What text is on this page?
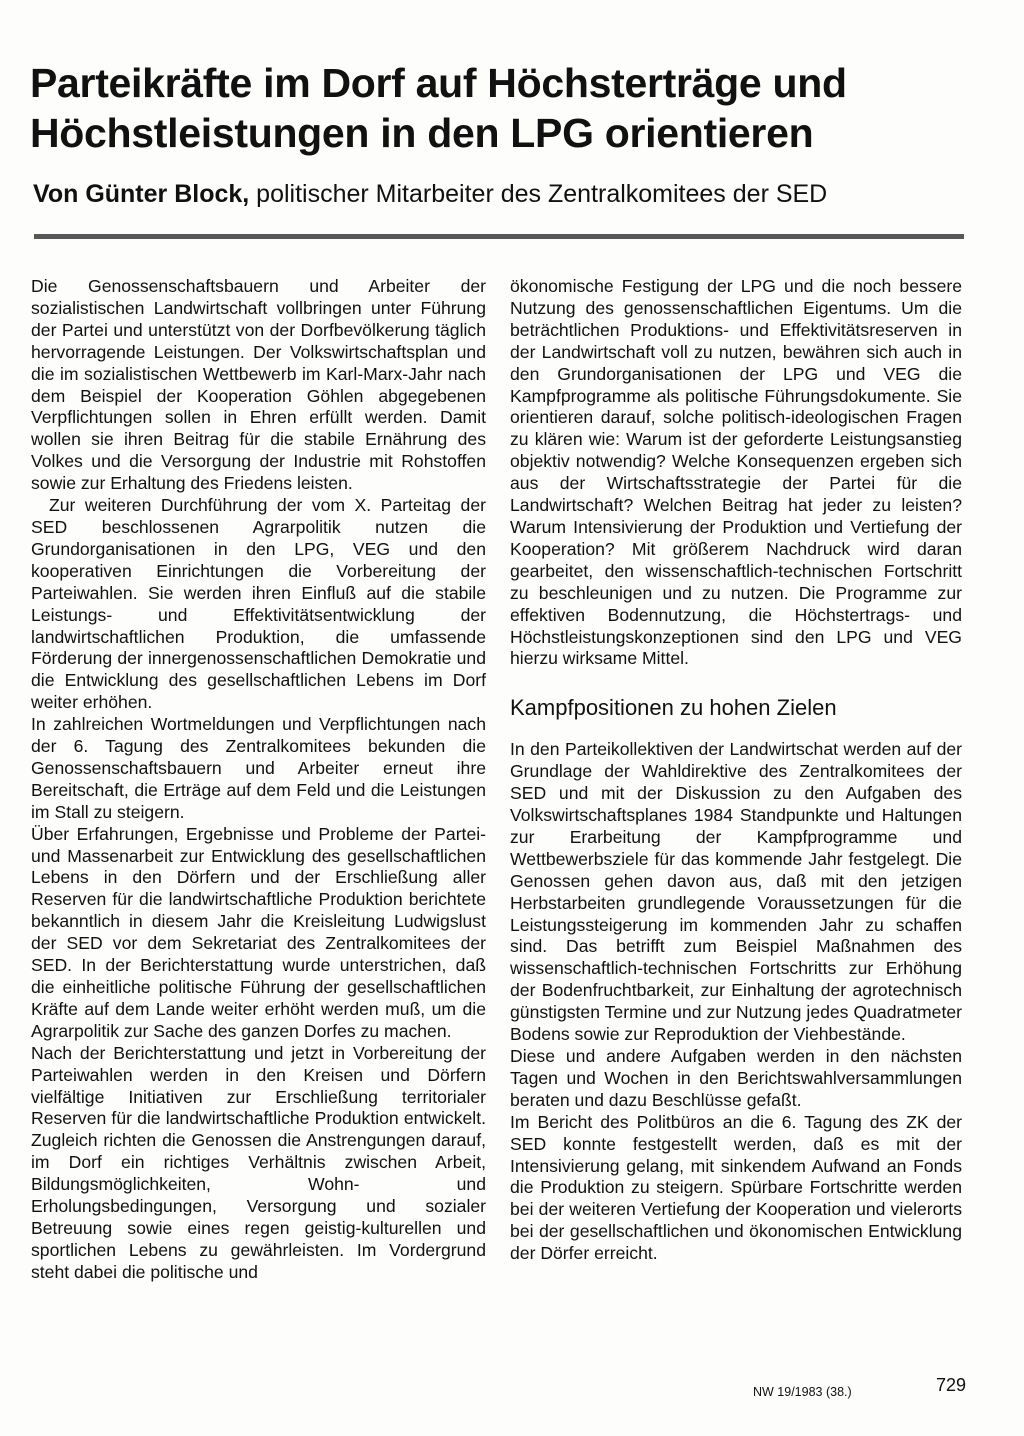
Parteikräfte im Dorf auf Höchsterträge und
Höchstleistungen in den LPG orientieren
Von Günter Block, politischer Mitarbeiter des Zentralkomitees der SED

Die Genossenschaftsbauern und Arbeiter der sozialistischen Landwirtschaft vollbringen unter Führung der Partei und unterstützt von der Dorfbevölkerung täglich hervorragende Leistungen. Der Volkswirtschaftsplan und die im sozialistischen Wettbewerb im Karl-Marx-Jahr nach dem Beispiel der Kooperation Göhlen abgegebenen Verpflichtungen sollen in Ehren erfüllt werden. Damit wollen sie ihren Beitrag für die stabile Ernährung des Volkes und die Versorgung der Industrie mit Rohstoffen sowie zur Erhaltung des Friedens leisten.

Zur weiteren Durchführung der vom X. Parteitag der SED beschlossenen Agrarpolitik nutzen die Grundorganisationen in den LPG, VEG und den kooperativen Einrichtungen die Vorbereitung der Parteiwahlen. Sie werden ihren Einfluß auf die stabile Leistungs- und Effektivitätsentwicklung der landwirtschaftlichen Produktion, die umfassende Förderung der innergenossenschaftlichen Demokratie und die Entwicklung des gesellschaftlichen Lebens im Dorf weiter erhöhen.

In zahlreichen Wortmeldungen und Verpflichtungen nach der 6. Tagung des Zentralkomitees bekunden die Genossenschaftsbauern und Arbeiter erneut ihre Bereitschaft, die Erträge auf dem Feld und die Leistungen im Stall zu steigern.

Über Erfahrungen, Ergebnisse und Probleme der Partei- und Massenarbeit zur Entwicklung des gesellschaftlichen Lebens in den Dörfern und der Erschließung aller Reserven für die landwirtschaftliche Produktion berichtete bekanntlich in diesem Jahr die Kreisleitung Ludwigslust der SED vor dem Sekretariat des Zentralkomitees der SED. In der Berichterstattung wurde unterstrichen, daß die einheitliche politische Führung der gesellschaftlichen Kräfte auf dem Lande weiter erhöht werden muß, um die Agrarpolitik zur Sache des ganzen Dorfes zu machen.

Nach der Berichterstattung und jetzt in Vorbereitung der Parteiwahlen werden in den Kreisen und Dörfern vielfältige Initiativen zur Erschließung territorialer Reserven für die landwirtschaftliche Produktion entwickelt. Zugleich richten die Genossen die Anstrengungen darauf, im Dorf ein richtiges Verhältnis zwischen Arbeit, Bildungsmöglichkeiten, Wohn- und Erholungsbedingungen, Versorgung und sozialer Betreuung sowie eines regen geistig-kulturellen und sportlichen Lebens zu gewährleisten. Im Vordergrund steht dabei die politische und

ökonomische Festigung der LPG und die noch bessere Nutzung des genossenschaftlichen Eigentums. Um die beträchtlichen Produktions- und Effektivitätsreserven in der Landwirtschaft voll zu nutzen, bewähren sich auch in den Grundorganisationen der LPG und VEG die Kampfprogramme als politische Führungsdokumente. Sie orientieren darauf, solche politisch-ideologischen Fragen zu klären wie: Warum ist der geforderte Leistungsanstieg objektiv notwendig? Welche Konsequenzen ergeben sich aus der Wirtschaftsstrategie der Partei für die Landwirtschaft? Welchen Beitrag hat jeder zu leisten? Warum Intensivierung der Produktion und Vertiefung der Kooperation? Mit größerem Nachdruck wird daran gearbeitet, den wissenschaftlich-technischen Fortschritt zu beschleunigen und zu nutzen. Die Programme zur effektiven Bodennutzung, die Höchstertrags- und Höchstleistungskonzeptionen sind den LPG und VEG hierzu wirksame Mittel.

Kampfpositionen zu hohen Zielen

In den Parteikollektiven der Landwirtschat werden auf der Grundlage der Wahldirektive des Zentralkomitees der SED und mit der Diskussion zu den Aufgaben des Volkswirtschaftsplanes 1984 Standpunkte und Haltungen zur Erarbeitung der Kampfprogramme und Wettbewerbsziele für das kommende Jahr festgelegt. Die Genossen gehen davon aus, daß mit den jetzigen Herbstarbeiten grundlegende Voraussetzungen für die Leistungssteigerung im kommenden Jahr zu schaffen sind. Das betrifft zum Beispiel Maßnahmen des wissenschaftlich-technischen Fortschritts zur Erhöhung der Bodenfruchtbarkeit, zur Einhaltung der agrotechnisch günstigsten Termine und zur Nutzung jedes Quadratmeter Bodens sowie zur Reproduktion der Viehbestände.

Diese und andere Aufgaben werden in den nächsten Tagen und Wochen in den Berichtswahlversammlungen beraten und dazu Beschlüsse gefaßt.

Im Bericht des Politbüros an die 6. Tagung des ZK der SED konnte festgestellt werden, daß es mit der Intensivierung gelang, mit sinkendem Aufwand an Fonds die Produktion zu steigern. Spürbare Fortschritte werden bei der weiteren Vertiefung der Kooperation und vielerorts bei der gesellschaftlichen und ökonomischen Entwicklung der Dörfer erreicht.

NW 19/1983 (38.)	729
